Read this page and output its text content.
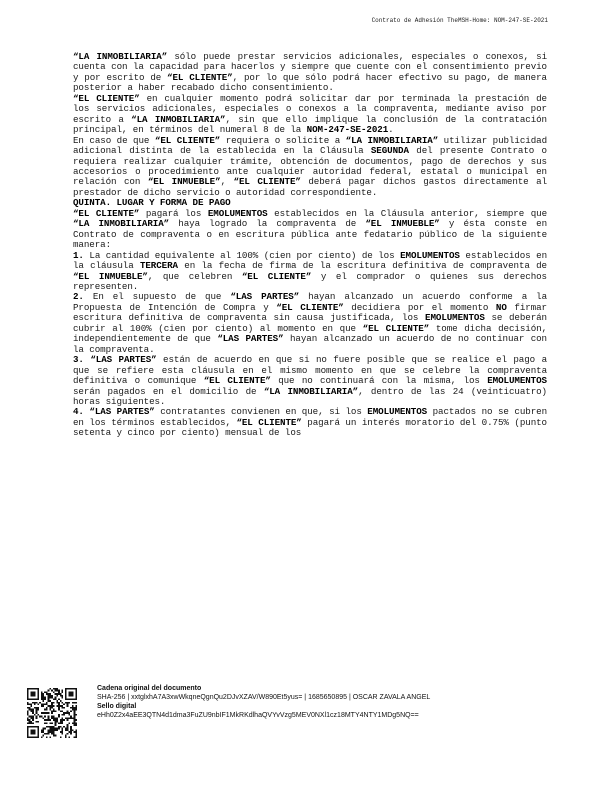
Contrato de Adhesión TheMSH-Home: NOM-247-SE-2021

“LA INMOBILIARIA” sólo puede prestar servicios adicionales, especiales o conexos, si cuenta con la capacidad para hacerlos y siempre que cuente con el consentimiento previo y por escrito de “EL CLIENTE”, por lo que sólo podrá hacer efectivo su pago, de manera posterior a haber recabado dicho consentimiento.

“EL CLIENTE” en cualquier momento podrá solicitar dar por terminada la prestación de los servicios adicionales, especiales o conexos a la compraventa, mediante aviso por escrito a “LA INMOBILIARIA”, sin que ello implique la conclusión de la contratación principal, en términos del numeral 8 de la NOM-247-SE-2021.

En caso de que “EL CLIENTE” requiera o solicite a “LA INMOBILIARIA” utilizar publicidad adicional distinta de la establecida en la Cláusula SEGUNDA del presente Contrato o requiera realizar cualquier trámite, obtención de documentos, pago de derechos y sus accesorios o procedimiento ante cualquier autoridad federal, estatal o municipal en relación con “EL INMUEBLE”, “EL CLIENTE” deberá pagar dichos gastos directamente al prestador de dicho servicio o autoridad correspondiente.

QUINTA. LUGAR Y FORMA DE PAGO

“EL CLIENTE” pagará los EMOLUMENTOS establecidos en la Cláusula anterior, siempre que “LA INMOBILIARIA” haya logrado la compraventa de “EL INMUEBLE” y ésta conste en Contrato de compraventa o en escritura pública ante fedatario público de la siguiente manera:

1. La cantidad equivalente al 100% (cien por ciento) de los EMOLUMENTOS establecidos en la cláusula TERCERA en la fecha de firma de la escritura definitiva de compraventa de “EL INMUEBLE”, que celebren “EL CLIENTE” y el comprador o quienes sus derechos representen.

2. En el supuesto de que “LAS PARTES” hayan alcanzado un acuerdo conforme a la Propuesta de Intención de Compra y “EL CLIENTE” decidiera por el momento NO firmar escritura definitiva de compraventa sin causa justificada, los EMOLUMENTOS se deberán cubrir al 100% (cien por ciento) al momento en que “EL CLIENTE” tome dicha decisión, independientemente de que “LAS PARTES” hayan alcanzado un acuerdo de no continuar con la compraventa.

3. “LAS PARTES” están de acuerdo en que si no fuere posible que se realice el pago a que se refiere esta cláusula en el mismo momento en que se celebre la compraventa definitiva o comunique “EL CLIENTE” que no continuará con la misma, los EMOLUMENTOS serán pagados en el domicilio de “LA INMOBILIARIA”, dentro de las 24 (veinticuatro) horas siguientes.

4. “LAS PARTES” contratantes convienen en que, si los EMOLUMENTOS pactados no se cubren en los términos establecidos, “EL CLIENTE” pagará un interés moratorio del 0.75% (punto setenta y cinco por ciento) mensual de los

Cadena original del documento
SHA-256 | xxtglxhA7A3xwWkqneQgnQu2DJvXZAV/W890Et5yus= | 1685650895 | OSCAR ZAVALA ANGEL
Sello digital
eHh0Z2x4aEE3QTN4d1dma3FuZU9nbIF1MkRKdlhaQVYvVzg5MEV0NXl1cz18MTY4NTY1MDg5NQ==
